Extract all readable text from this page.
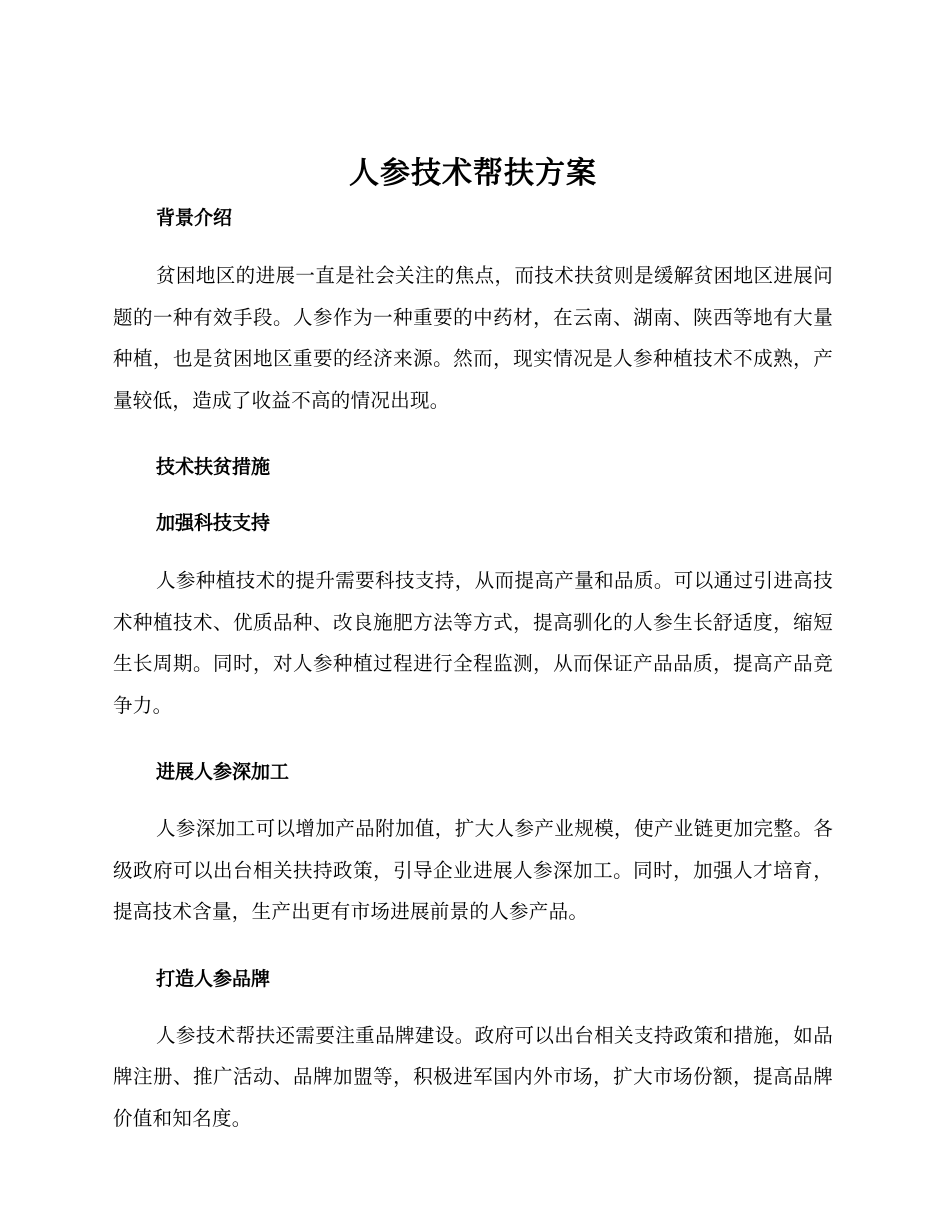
人参技术帮扶方案
背景介绍

贫困地区的进展一直是社会关注的焦点，而技术扶贫则是缓解贫困地区进展问题的一种有效手段。人参作为一种重要的中药材，在云南、湖南、陕西等地有大量种植，也是贫困地区重要的经济来源。然而，现实情况是人参种植技术不成熟，产量较低，造成了收益不高的情况出现。

技术扶贫措施
加强科技支持

人参种植技术的提升需要科技支持，从而提高产量和品质。可以通过引进高技术种植技术、优质品种、改良施肥方法等方式，提高驯化的人参生长舒适度，缩短生长周期。同时，对人参种植过程进行全程监测，从而保证产品品质，提高产品竞争力。

进展人参深加工

人参深加工可以增加产品附加值，扩大人参产业规模，使产业链更加完整。各级政府可以出台相关扶持政策，引导企业进展人参深加工。同时，加强人才培育，提高技术含量，生产出更有市场进展前景的人参产品。

打造人参品牌

人参技术帮扶还需要注重品牌建设。政府可以出台相关支持政策和措施，如品牌注册、推广活动、品牌加盟等，积极进军国内外市场，扩大市场份额，提高品牌价值和知名度。
